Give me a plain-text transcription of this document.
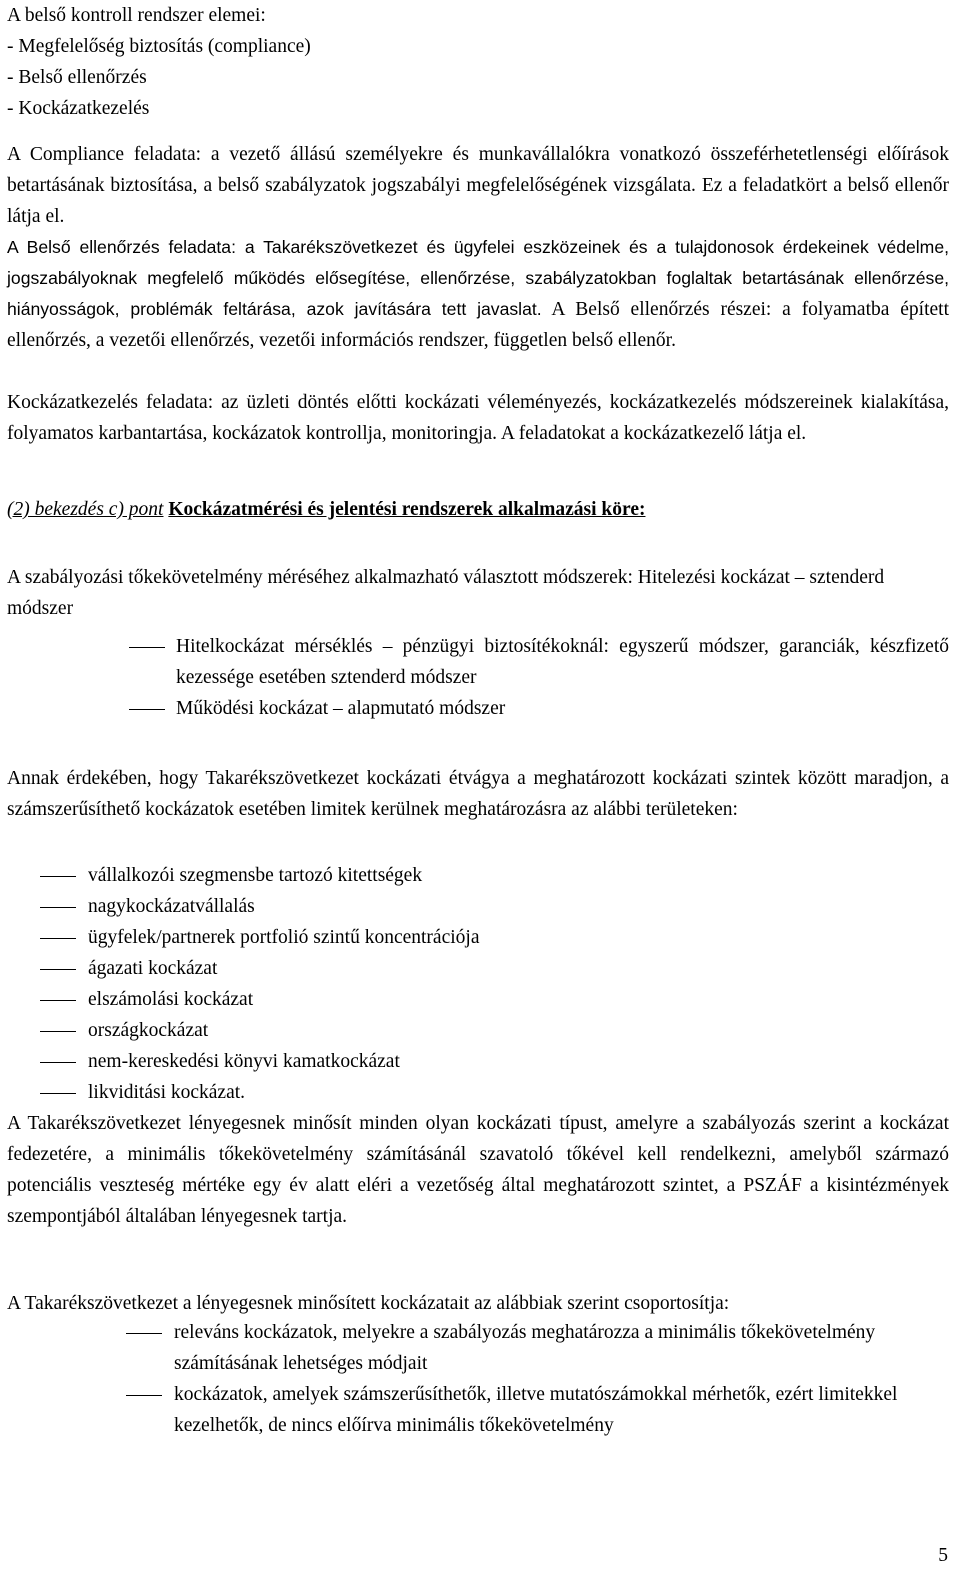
A belső kontroll rendszer elemei:
- Megfelelőség biztosítás (compliance)
- Belső ellenőrzés
- Kockázatkezelés

A Compliance feladata: a vezető állású személyekre és munkavállalókra vonatkozó összeférhetetlenségi előírások betartásának biztosítása, a belső szabályzatok jogszabályi megfelelőségének vizsgálata. Ez a feladatkört a belső ellenőr látja el.

A Belső ellenőrzés feladata: a Takarékszövetkezet és ügyfelei eszközeinek és a tulajdonosok érdekeinek védelme, jogszabályoknak megfelelő működés elősegítése, ellenőrzése, szabályzatokban foglaltak betartásának ellenőrzése, hiányosságok, problémák feltárása, azok javítására tett javaslat. A Belső ellenőrzés részei: a folyamatba épített ellenőrzés, a vezetői ellenőrzés, vezetői információs rendszer, független belső ellenőr.

Kockázatkezelés feladata: az üzleti döntés előtti kockázati véleményezés, kockázatkezelés módszereinek kialakítása, folyamatos karbantartása, kockázatok kontrollja, monitoringja. A feladatokat a kockázatkezelő látja el.

(2) bekezdés c) pont Kockázatmérési és jelentési rendszerek alkalmazási köre:

A szabályozási tőkekövetelmény méréséhez alkalmazható választott módszerek: Hitelezési kockázat – sztenderd módszer

Hitelkockázat mérséklés – pénzügyi biztosítékoknál: egyszerű módszer, garanciák, készfizető kezessége esetében sztenderd módszer
Működési kockázat – alapmutató módszer

Annak érdekében, hogy Takarékszövetkezet kockázati étvágya a meghatározott kockázati szintek között maradjon, a számszerűsíthető kockázatok esetében limitek kerülnek meghatározásra az alábbi területeken:

vállalkozói szegmensbe tartozó kitettségek
nagykockázatvállalás
ügyfelek/partnerek portfolió szintű koncentrációja
ágazati kockázat
elszámolási kockázat
országkockázat
nem-kereskedési könyvi kamatkockázat
likviditási kockázat.

A Takarékszövetkezet lényegesnek minősít minden olyan kockázati típust, amelyre a szabályozás szerint a kockázat fedezetére, a minimális tőkekövetelmény számításánál szavatoló tőkével kell rendelkezni, amelyből származó potenciális veszteség mértéke egy év alatt eléri a vezetőség által meghatározott szintet, a PSZÁF a kisintézmények szempontjából általában lényegesnek tartja.

A Takarékszövetkezet a lényegesnek minősített kockázatait az alábbiak szerint csoportosítja:

releváns kockázatok, melyekre a szabályozás meghatározza a minimális tőkekövetelmény számításának lehetséges módjait
kockázatok, amelyek számszerűsíthetők, illetve mutatószámokkal mérhetők, ezért limitekkel kezelhetők, de nincs előírva minimális tőkekövetelmény
5
